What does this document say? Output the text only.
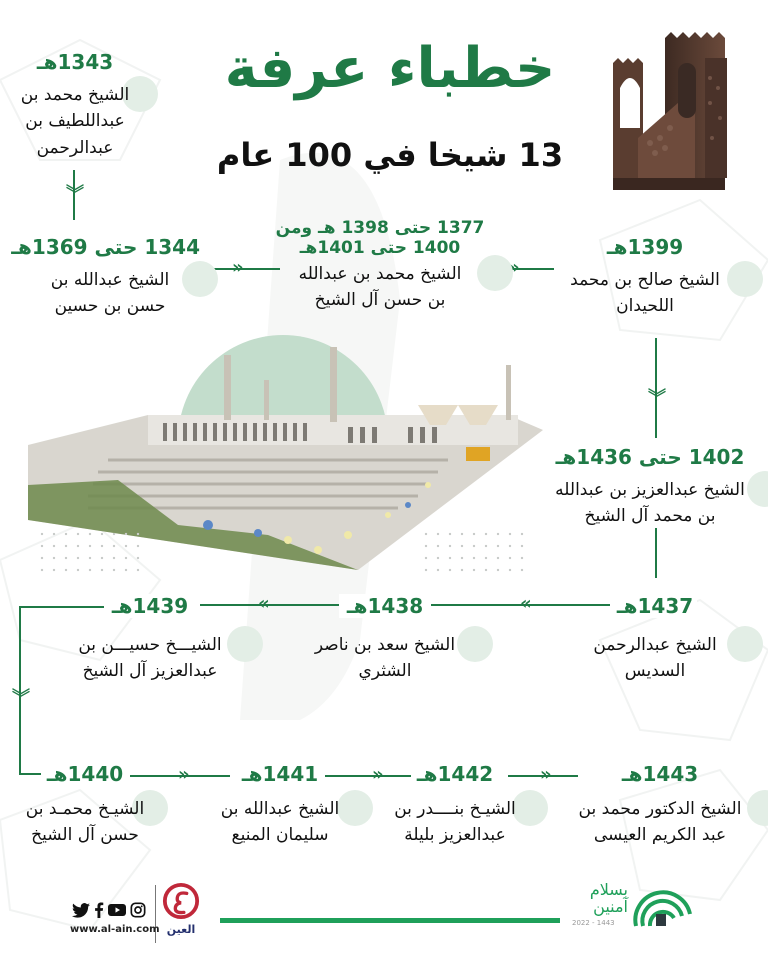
خطباء عرفة
13 شيخا في 100 عام
︾
»	»
︾
«
«
︾
»	»	»
1343هـ
الشيخ محمد بن
عبداللطيف بن
عبدالرحمن
1344 حتى 1369هـ
الشيخ عبدالله بن
حسن بن حسين
1377 حتى 1398 هـ ومن
1400 حتى 1401هـ
الشيخ محمد بن عبدالله
بن حسن آل الشيخ
1399هـ
الشيخ صالح بن محمد
اللحيدان
1402 حتى 1436هـ
الشيخ عبدالعزيز بن عبدالله
بن محمد آل الشيخ
1437هـ
الشيخ عبدالرحمن
السديس
1438هـ
الشيخ سعد بن ناصر
الشثري
1439هـ
الشيـــخ حسيـــن بن
عبدالعزيز آل الشيخ
1440هـ
الشيـخ محمـد بن
حسن آل الشيخ
1441هـ
الشيخ عبدالله بن
سليمان المنيع
1442هـ
الشيـخ بنــــدر بن
عبدالعزيز بليلة
1443هـ
الشيخ الدكتور محمد بن
عبد الكريم العيسى
www.al-ain.com العين
بسلام
آمنين
2022 - 1443
